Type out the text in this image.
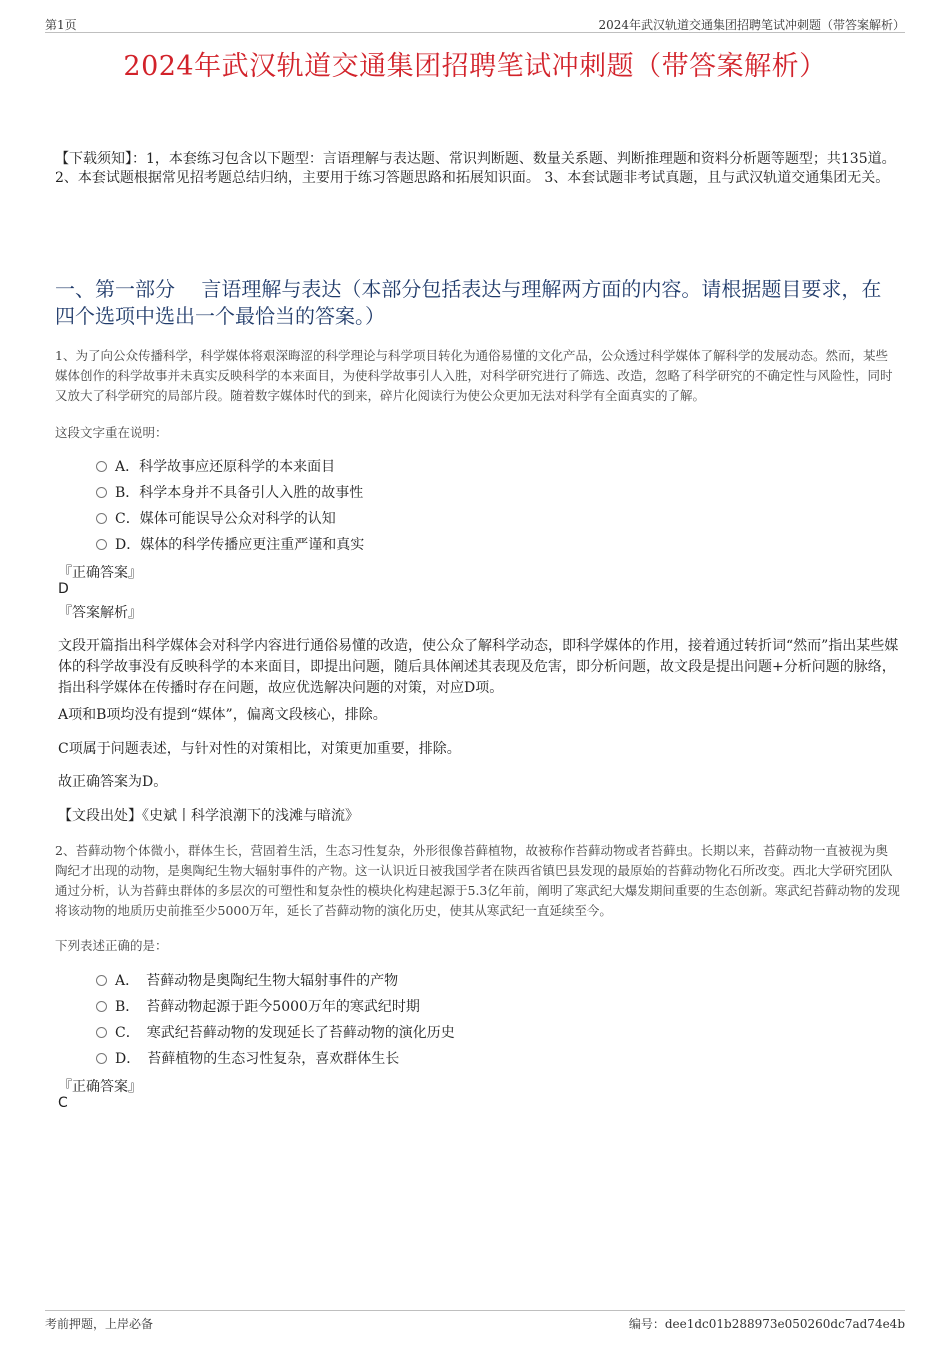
第1页	2024年武汉轨道交通集团招聘笔试冲刺题（带答案解析）
2024年武汉轨道交通集团招聘笔试冲刺题（带答案解析）
【下载须知】：1，本套练习包含以下题型：言语理解与表达题、常识判断题、数量关系题、判断推理题和资料分析题等题型；共135道。 2、本套试题根据常见招考题总结归纳，主要用于练习答题思路和拓展知识面。 3、本套试题非考试真题，且与武汉轨道交通集团无关。
一、第一部分　 言语理解与表达（本部分包括表达与理解两方面的内容。请根据题目要求，在四个选项中选出一个最恰当的答案。）
1、为了向公众传播科学，科学媒体将艰深晦涩的科学理论与科学项目转化为通俗易懂的文化产品，公众透过科学媒体了解科学的发展动态。然而，某些媒体创作的科学故事并未真实反映科学的本来面目，为使科学故事引人入胜，对科学研究进行了筛选、改造，忽略了科学研究的不确定性与风险性，同时又放大了科学研究的局部片段。随着数字媒体时代的到来，碎片化阅读行为使公众更加无法对科学有全面真实的了解。
这段文字重在说明：
A．科学故事应还原科学的本来面目
B．科学本身并不具备引人入胜的故事性
C．媒体可能误导公众对科学的认知
D．媒体的科学传播应更注重严谨和真实
『正确答案』
D
『答案解析』
文段开篇指出科学媒体会对科学内容进行通俗易懂的改造，使公众了解科学动态，即科学媒体的作用，接着通过转折词“然而”指出某些媒体的科学故事没有反映科学的本来面目，即提出问题，随后具体阐述其表现及危害，即分析问题，故文段是提出问题+分析问题的脉络，指出科学媒体在传播时存在问题，故应优选解决问题的对策，对应D项。
A项和B项均没有提到“媒体”，偏离文段核心，排除。
C项属于问题表述，与针对性的对策相比，对策更加重要，排除。
故正确答案为D。
【文段出处】《史斌丨科学浪潮下的浅滩与暗流》
2、苔藓动物个体微小，群体生长，营固着生活，生态习性复杂，外形很像苔藓植物，故被称作苔藓动物或者苔藓虫。长期以来，苔藓动物一直被视为奥陶纪才出现的动物，是奥陶纪生物大辐射事件的产物。这一认识近日被我国学者在陕西省镇巴县发现的最原始的苔藓动物化石所改变。西北大学研究团队通过分析，认为苔藓虫群体的多层次的可塑性和复杂性的模块化构建起源于5.3亿年前，阐明了寒武纪大爆发期间重要的生态创新。寒武纪苔藓动物的发现将该动物的地质历史前推至少5000万年，延长了苔藓动物的演化历史，使其从寒武纪一直延续至今。
下列表述正确的是：
A．　苔藓动物是奥陶纪生物大辐射事件的产物
B．　苔藓动物起源于距今5000万年的寒武纪时期
C．　寒武纪苔藓动物的发现延长了苔藓动物的演化历史
D．　苔藓植物的生态习性复杂，喜欢群体生长
『正确答案』
C
考前押题，上岸必备	编号：dee1dc01b288973e050260dc7ad74e4b
